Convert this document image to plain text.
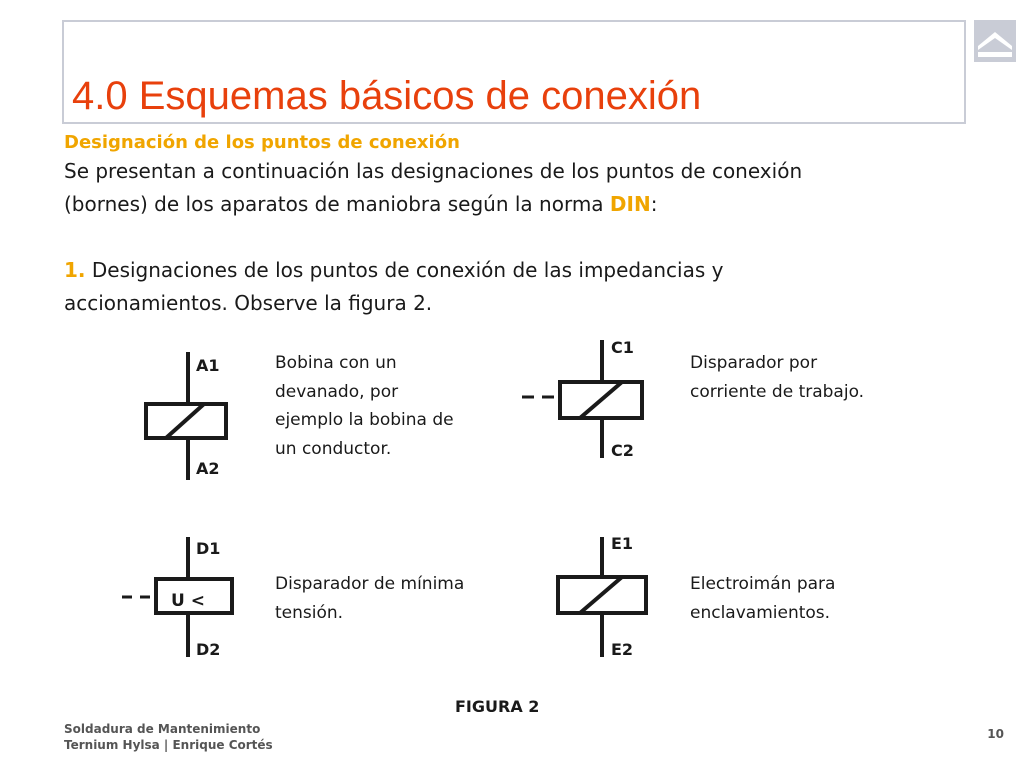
4.0 Esquemas básicos de conexión

Designación de los puntos de conexión

Se presentan a continuación las designaciones de los puntos de conexión

(bornes) de los aparatos de maniobra según la norma DIN:

1. Designaciones de los puntos de conexión de las impedancias y

accionamientos. Observe la figura 2.

A1
A2
Bobina con un devanado, por ejemplo la bobina de un conductor.
C1
C2
Disparador por corriente de trabajo.
U <
D1
D2
Disparador de mínima tensión.
E1
E2
Electroimán para enclavamientos.
FIGURA 2
Soldadura de Mantenimiento
Ternium Hylsa | Enrique Cortés
10
